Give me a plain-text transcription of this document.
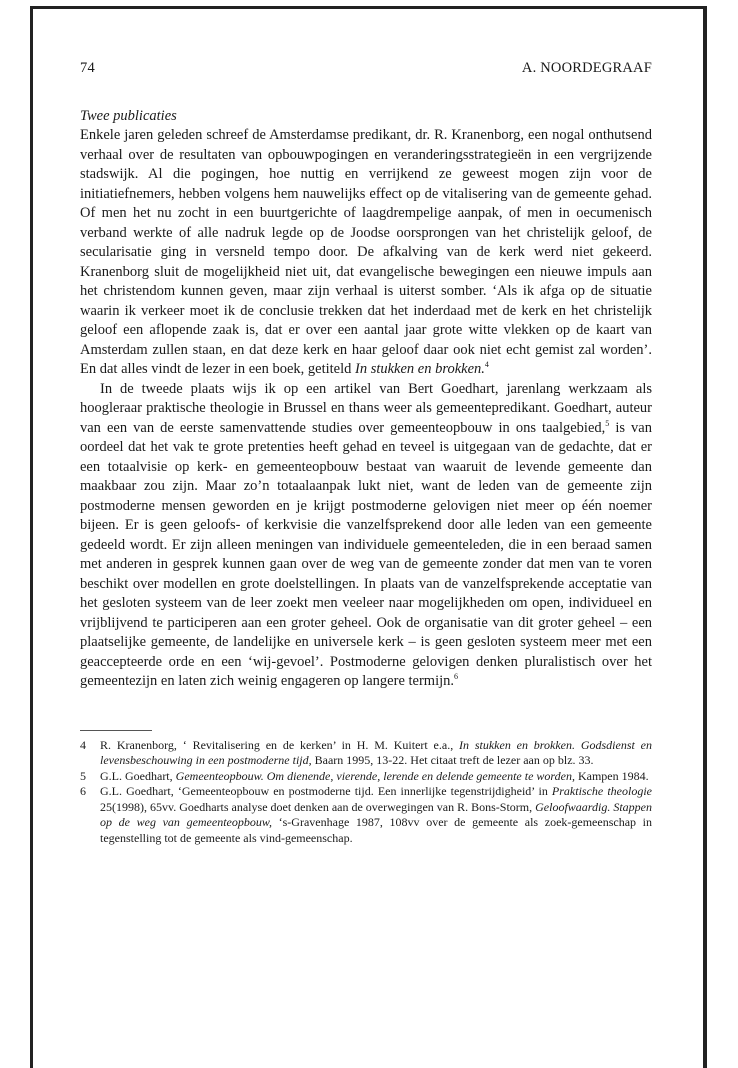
74	A. NOORDEGRAAF
Twee publicaties

Enkele jaren geleden schreef de Amsterdamse predikant, dr. R. Kranenborg, een nogal onthutsend verhaal over de resultaten van opbouwpogingen en veranderingsstrategieën in een vergrijzende stadswijk. Al die pogingen, hoe nuttig en verrijkend ze geweest mogen zijn voor de initiatiefnemers, hebben volgens hem nauwelijks effect op de vitalisering van de gemeente gehad. Of men het nu zocht in een buurtgerichte of laagdrempelige aanpak, of men in oecumenisch verband werkte of alle nadruk legde op de Joodse oorsprongen van het christelijk geloof, de secularisatie ging in versneld tempo door. De afkalving van de kerk werd niet gekeerd. Kranenborg sluit de mogelijkheid niet uit, dat evangelische bewegingen een nieuwe impuls aan het christendom kunnen geven, maar zijn verhaal is uiterst somber. ‘Als ik afga op de situatie waarin ik verkeer moet ik de conclusie trekken dat het inderdaad met de kerk en het christelijk geloof een aflopende zaak is, dat er over een aantal jaar grote witte vlekken op de kaart van Amsterdam zullen staan, en dat deze kerk en haar geloof daar ook niet echt gemist zal worden’. En dat alles vindt de lezer in een boek, getiteld In stukken en brokken.$^4$

In de tweede plaats wijs ik op een artikel van Bert Goedhart, jarenlang werkzaam als hoogleraar praktische theologie in Brussel en thans weer als gemeentepredikant. Goedhart, auteur van een van de eerste samenvattende studies over gemeenteopbouw in ons taalgebied,$^5$ is van oordeel dat het vak te grote pretenties heeft gehad en teveel is uitgegaan van de gedachte, dat er een totaalvisie op kerk- en gemeenteopbouw bestaat van waaruit de levende gemeente dan maakbaar zou zijn. Maar zo’n totaalaanpak lukt niet, want de leden van de gemeente zijn postmoderne mensen geworden en je krijgt postmoderne gelovigen niet meer op één noemer bijeen. Er is geen geloofs- of kerkvisie die vanzelfsprekend door alle leden van een gemeente gedeeld wordt. Er zijn alleen meningen van individuele gemeenteleden, die in een beraad samen met anderen in gesprek kunnen gaan over de weg van de gemeente zonder dat men van te voren beschikt over modellen en grote doelstellingen. In plaats van de vanzelfsprekende acceptatie van het gesloten systeem van de leer zoekt men veeleer naar mogelijkheden om open, individueel en vrijblijvend te participeren aan een groter geheel. Ook de organisatie van dit groter geheel – een plaatselijke gemeente, de landelijke en universele kerk – is geen gesloten systeem meer met een geaccepteerde orde en een ‘wij-gevoel’. Postmoderne gelovigen denken pluralistisch over het gemeentezijn en laten zich weinig engageren op langere termijn.$^6$

4	R. Kranenborg, ‘ Revitalisering en de kerken’ in H. M. Kuitert e.a., In stukken en brokken. Godsdienst en levensbeschouwing in een postmoderne tijd, Baarn 1995, 13-22. Het citaat treft de lezer aan op blz. 33.
5	G.L. Goedhart, Gemeenteopbouw. Om dienende, vierende, lerende en delende gemeente te worden, Kampen 1984.
6	G.L. Goedhart, ‘Gemeenteopbouw en postmoderne tijd. Een innerlijke tegenstrijdigheid’ in Praktische theologie 25(1998), 65vv. Goedharts analyse doet denken aan de overwegingen van R. Bons-Storm, Geloofwaardig. Stappen op de weg van gemeenteopbouw, ‘s-Gravenhage 1987, 108vv over de gemeente als zoek-gemeenschap in tegenstelling tot de gemeente als vind-gemeenschap.
